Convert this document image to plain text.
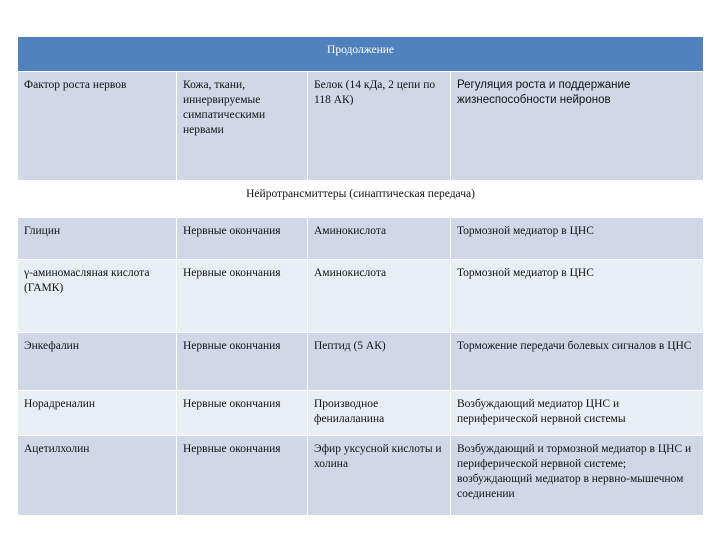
Продолжение			
Фактор роста нервов	Кожа, ткани, иннервируемые симпатическими нервами	Белок (14 кДа, 2 цепи по 118 АК)	Регуляция роста и поддержание жизнеспособности нейронов
Нейротрансмиттеры (синаптическая передача)			
Глицин	Нервные окончания	Аминокислота	Тормозной медиатор в ЦНС
γ-аминомасляная кислота (ГАМК)	Нервные окончания	Аминокислота	Тормозной медиатор в ЦНС
Энкефалин	Нервные окончания	Пептид (5 АК)	Торможение передачи болевых сигналов в ЦНС
Норадреналин	Нервные окончания	Производное фенилаланина	Возбуждающий медиатор ЦНС и периферической нервной системы
Ацетилхолин	Нервные окончания	Эфир уксусной кислоты и холина	Возбуждающий и тормозной медиатор в ЦНС и периферической нервной системе; возбуждающий медиатор в нервно-мышечном соединении
